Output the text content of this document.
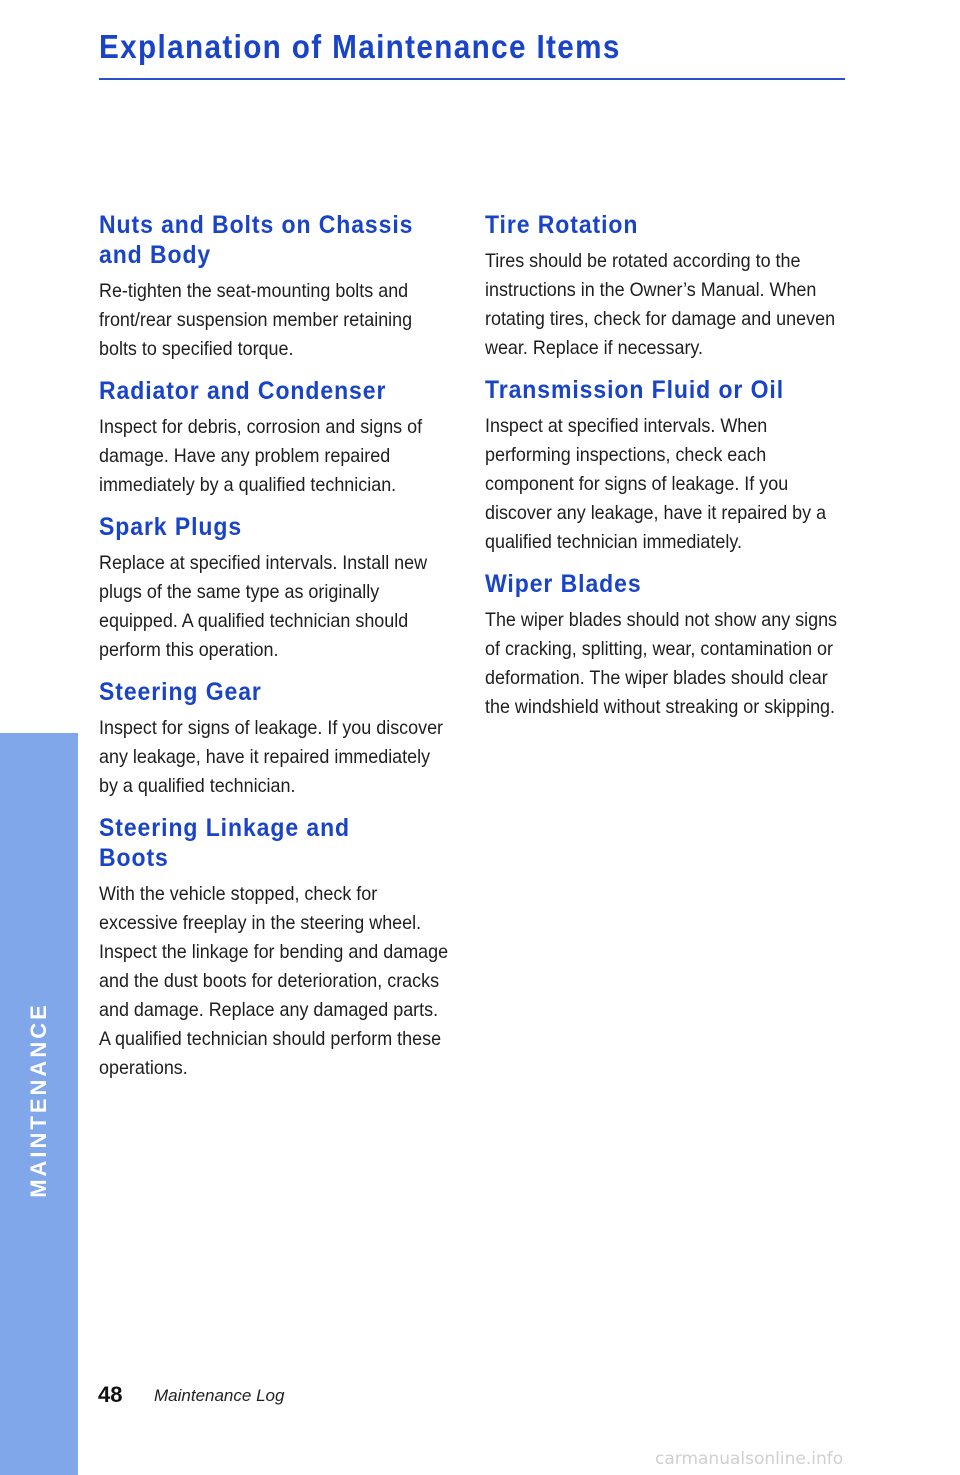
Explanation of Maintenance Items
Nuts and Bolts on Chassis and Body

Re-tighten the seat-mounting bolts and front/rear suspension member retaining bolts to specified torque.

Radiator and Condenser

Inspect for debris, corrosion and signs of damage. Have any problem repaired immediately by a qualified technician.

Spark Plugs

Replace at specified intervals. Install new plugs of the same type as originally equipped. A qualified technician should perform this operation.

Steering Gear

Inspect for signs of leakage. If you discover any leakage, have it repaired immediately by a qualified technician.

Steering Linkage and Boots

With the vehicle stopped, check for excessive freeplay in the steering wheel. Inspect the linkage for bending and damage and the dust boots for deterioration, cracks and damage. Replace any damaged parts. A qualified technician should perform these operations.

Tire Rotation

Tires should be rotated according to the instructions in the Owner’s Manual. When rotating tires, check for damage and uneven wear. Replace if necessary.

Transmission Fluid or Oil

Inspect at specified intervals. When performing inspections, check each component for signs of leakage. If you discover any leakage, have it repaired by a qualified technician immediately.

Wiper Blades

The wiper blades should not show any signs of cracking, splitting, wear, contamination or deformation. The wiper blades should clear the windshield without streaking or skipping.

MAINTENANCE
48 Maintenance Log
carmanualsonline.info
